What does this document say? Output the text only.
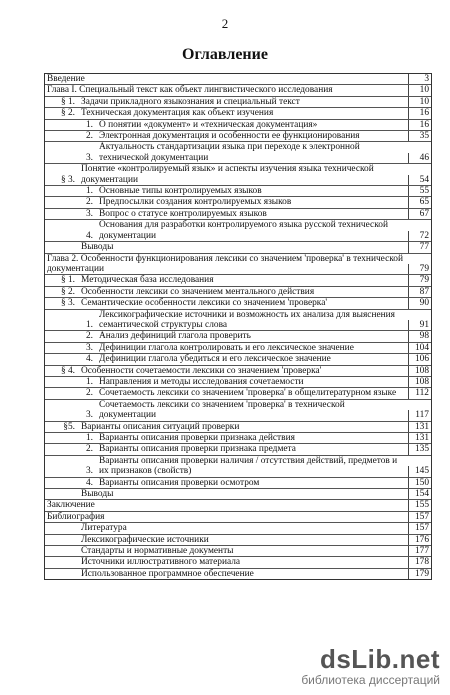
2
Оглавление
Введение	3
Глава I. Специальный текст как объект лингвистического исследования	10
§ 1. Задачи прикладного языкознания и специальный текст	10
§ 2. Техническая документация как объект изучения	16
1. О понятии «документ» и «техническая документация»	16
2. Электронная документация и особенности ее функционирования	35
3.
Актуальность стандартизации языка при переходе к электронной технической документации	46
§ 3.
Понятие «контролируемый язык» и аспекты изучения языка технической документации	54
1. Основные типы контролируемых языков	55
2. Предпосылки создания контролируемых языков	65
3. Вопрос о статусе контролируемых языков	67
4.
Основания для разработки контролируемого языка русской технической документации	72
Выводы	77
Глава 2. Особенности функционирования лексики со значением 'проверка' в технической документации	79
§ 1. Методическая база исследования	79
§ 2. Особенности лексики со значением ментального действия	87
§ 3. Семантические особенности лексики со значением 'проверка'	90
1.
Лексикографические источники и возможность их анализа для выяснения семантической структуры слова	91
2. Анализ дефиниций глагола проверить	98
3. Дефиниции глагола контролировать и его лексическое значение	104
4. Дефиниции глагола убедиться и его лексическое значение	106
§ 4. Особенности сочетаемости лексики со значением 'проверка'	108
1. Направления и методы исследования сочетаемости	108
2. Сочетаемость лексики со значением 'проверка' в общелитературном языке	112
3.
Сочетаемость лексики со значением 'проверка' в технической документации	117
§5. Варианты описания ситуаций проверки	131
1. Варианты описания проверки признака действия	131
2. Варианты описания проверки признака предмета	135
3.
Варианты описания проверки наличия / отсутствия действий, предметов и их признаков (свойств)	145
4. Варианты описания проверки осмотром	150
Выводы	154
Заключение	155
Библиография	157
Литература	157
Лексикографические источники	176
Стандарты и нормативные документы	177
Источники иллюстративного материала	178
Использованное программное обеспечение	179
dsLib.net
библиотека диссертаций
